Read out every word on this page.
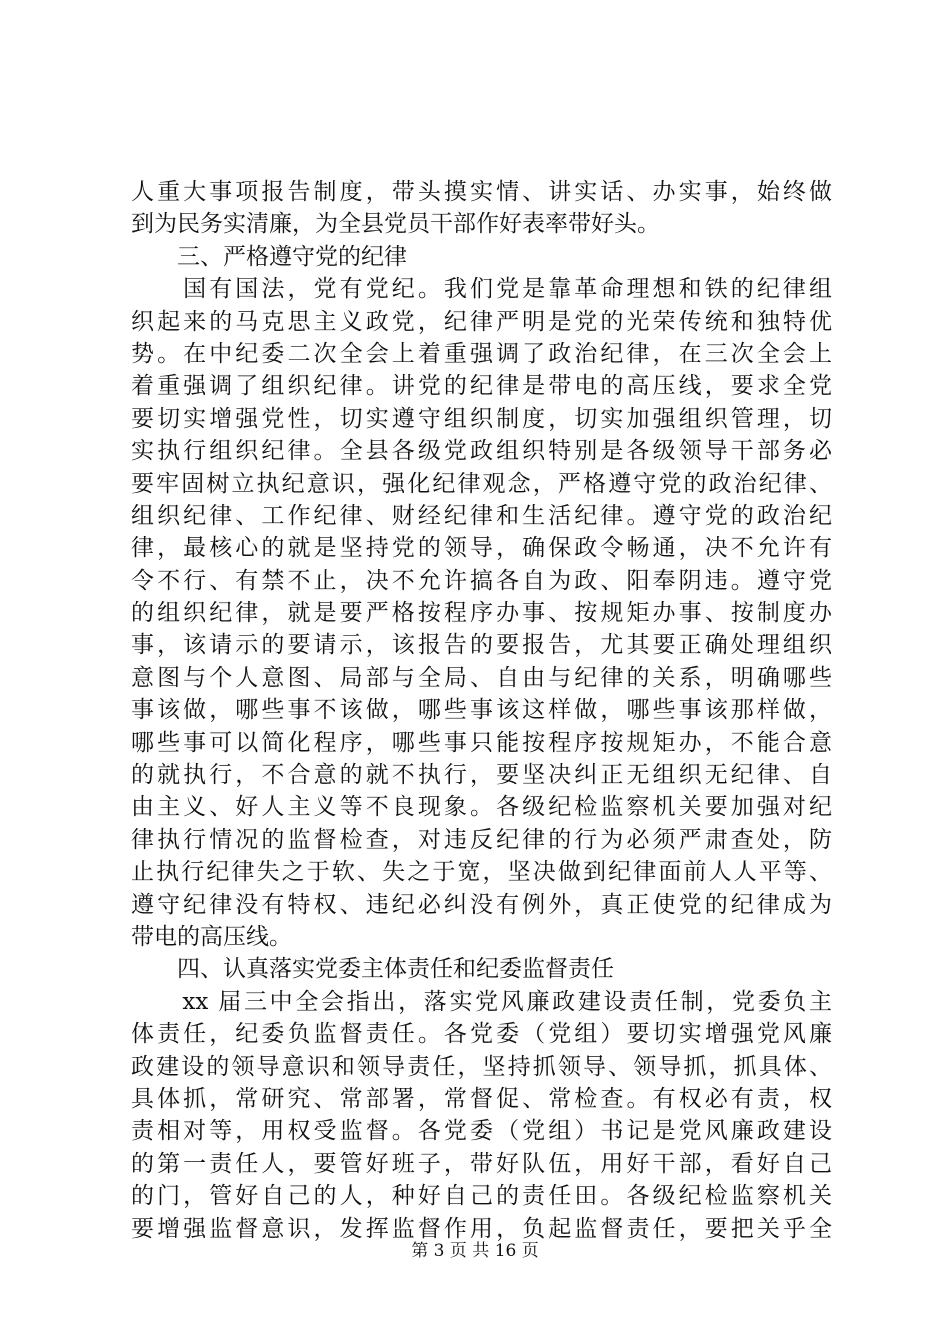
人重大事项报告制度，带头摸实情、讲实话、办实事，始终做
到为民务实清廉，为全县党员干部作好表率带好头。
　　三、严格遵守党的纪律
　　国有国法，党有党纪。我们党是靠革命理想和铁的纪律组
织起来的马克思主义政党，纪律严明是党的光荣传统和独特优
势。在中纪委二次全会上着重强调了政治纪律，在三次全会上
着重强调了组织纪律。讲党的纪律是带电的高压线，要求全党
要切实增强党性，切实遵守组织制度，切实加强组织管理，切
实执行组织纪律。全县各级党政组织特别是各级领导干部务必
要牢固树立执纪意识，强化纪律观念，严格遵守党的政治纪律、
组织纪律、工作纪律、财经纪律和生活纪律。遵守党的政治纪
律，最核心的就是坚持党的领导，确保政令畅通，决不允许有
令不行、有禁不止，决不允许搞各自为政、阳奉阴违。遵守党
的组织纪律，就是要严格按程序办事、按规矩办事、按制度办
事，该请示的要请示，该报告的要报告，尤其要正确处理组织
意图与个人意图、局部与全局、自由与纪律的关系，明确哪些
事该做，哪些事不该做，哪些事该这样做，哪些事该那样做，
哪些事可以简化程序，哪些事只能按程序按规矩办，不能合意
的就执行，不合意的就不执行，要坚决纠正无组织无纪律、自
由主义、好人主义等不良现象。各级纪检监察机关要加强对纪
律执行情况的监督检查，对违反纪律的行为必须严肃查处，防
止执行纪律失之于软、失之于宽，坚决做到纪律面前人人平等、
遵守纪律没有特权、违纪必纠没有例外，真正使党的纪律成为
带电的高压线。
　　四、认真落实党委主体责任和纪委监督责任
　　xx 届三中全会指出，落实党风廉政建设责任制，党委负主
体责任，纪委负监督责任。各党委（党组）要切实增强党风廉
政建设的领导意识和领导责任，坚持抓领导、领导抓，抓具体、
具体抓，常研究、常部署，常督促、常检查。有权必有责，权
责相对等，用权受监督。各党委（党组）书记是党风廉政建设
的第一责任人，要管好班子，带好队伍，用好干部，看好自己
的门，管好自己的人，种好自己的责任田。各级纪检监察机关
要增强监督意识，发挥监督作用，负起监督责任，要把关乎全
第 3 页 共 16 页
